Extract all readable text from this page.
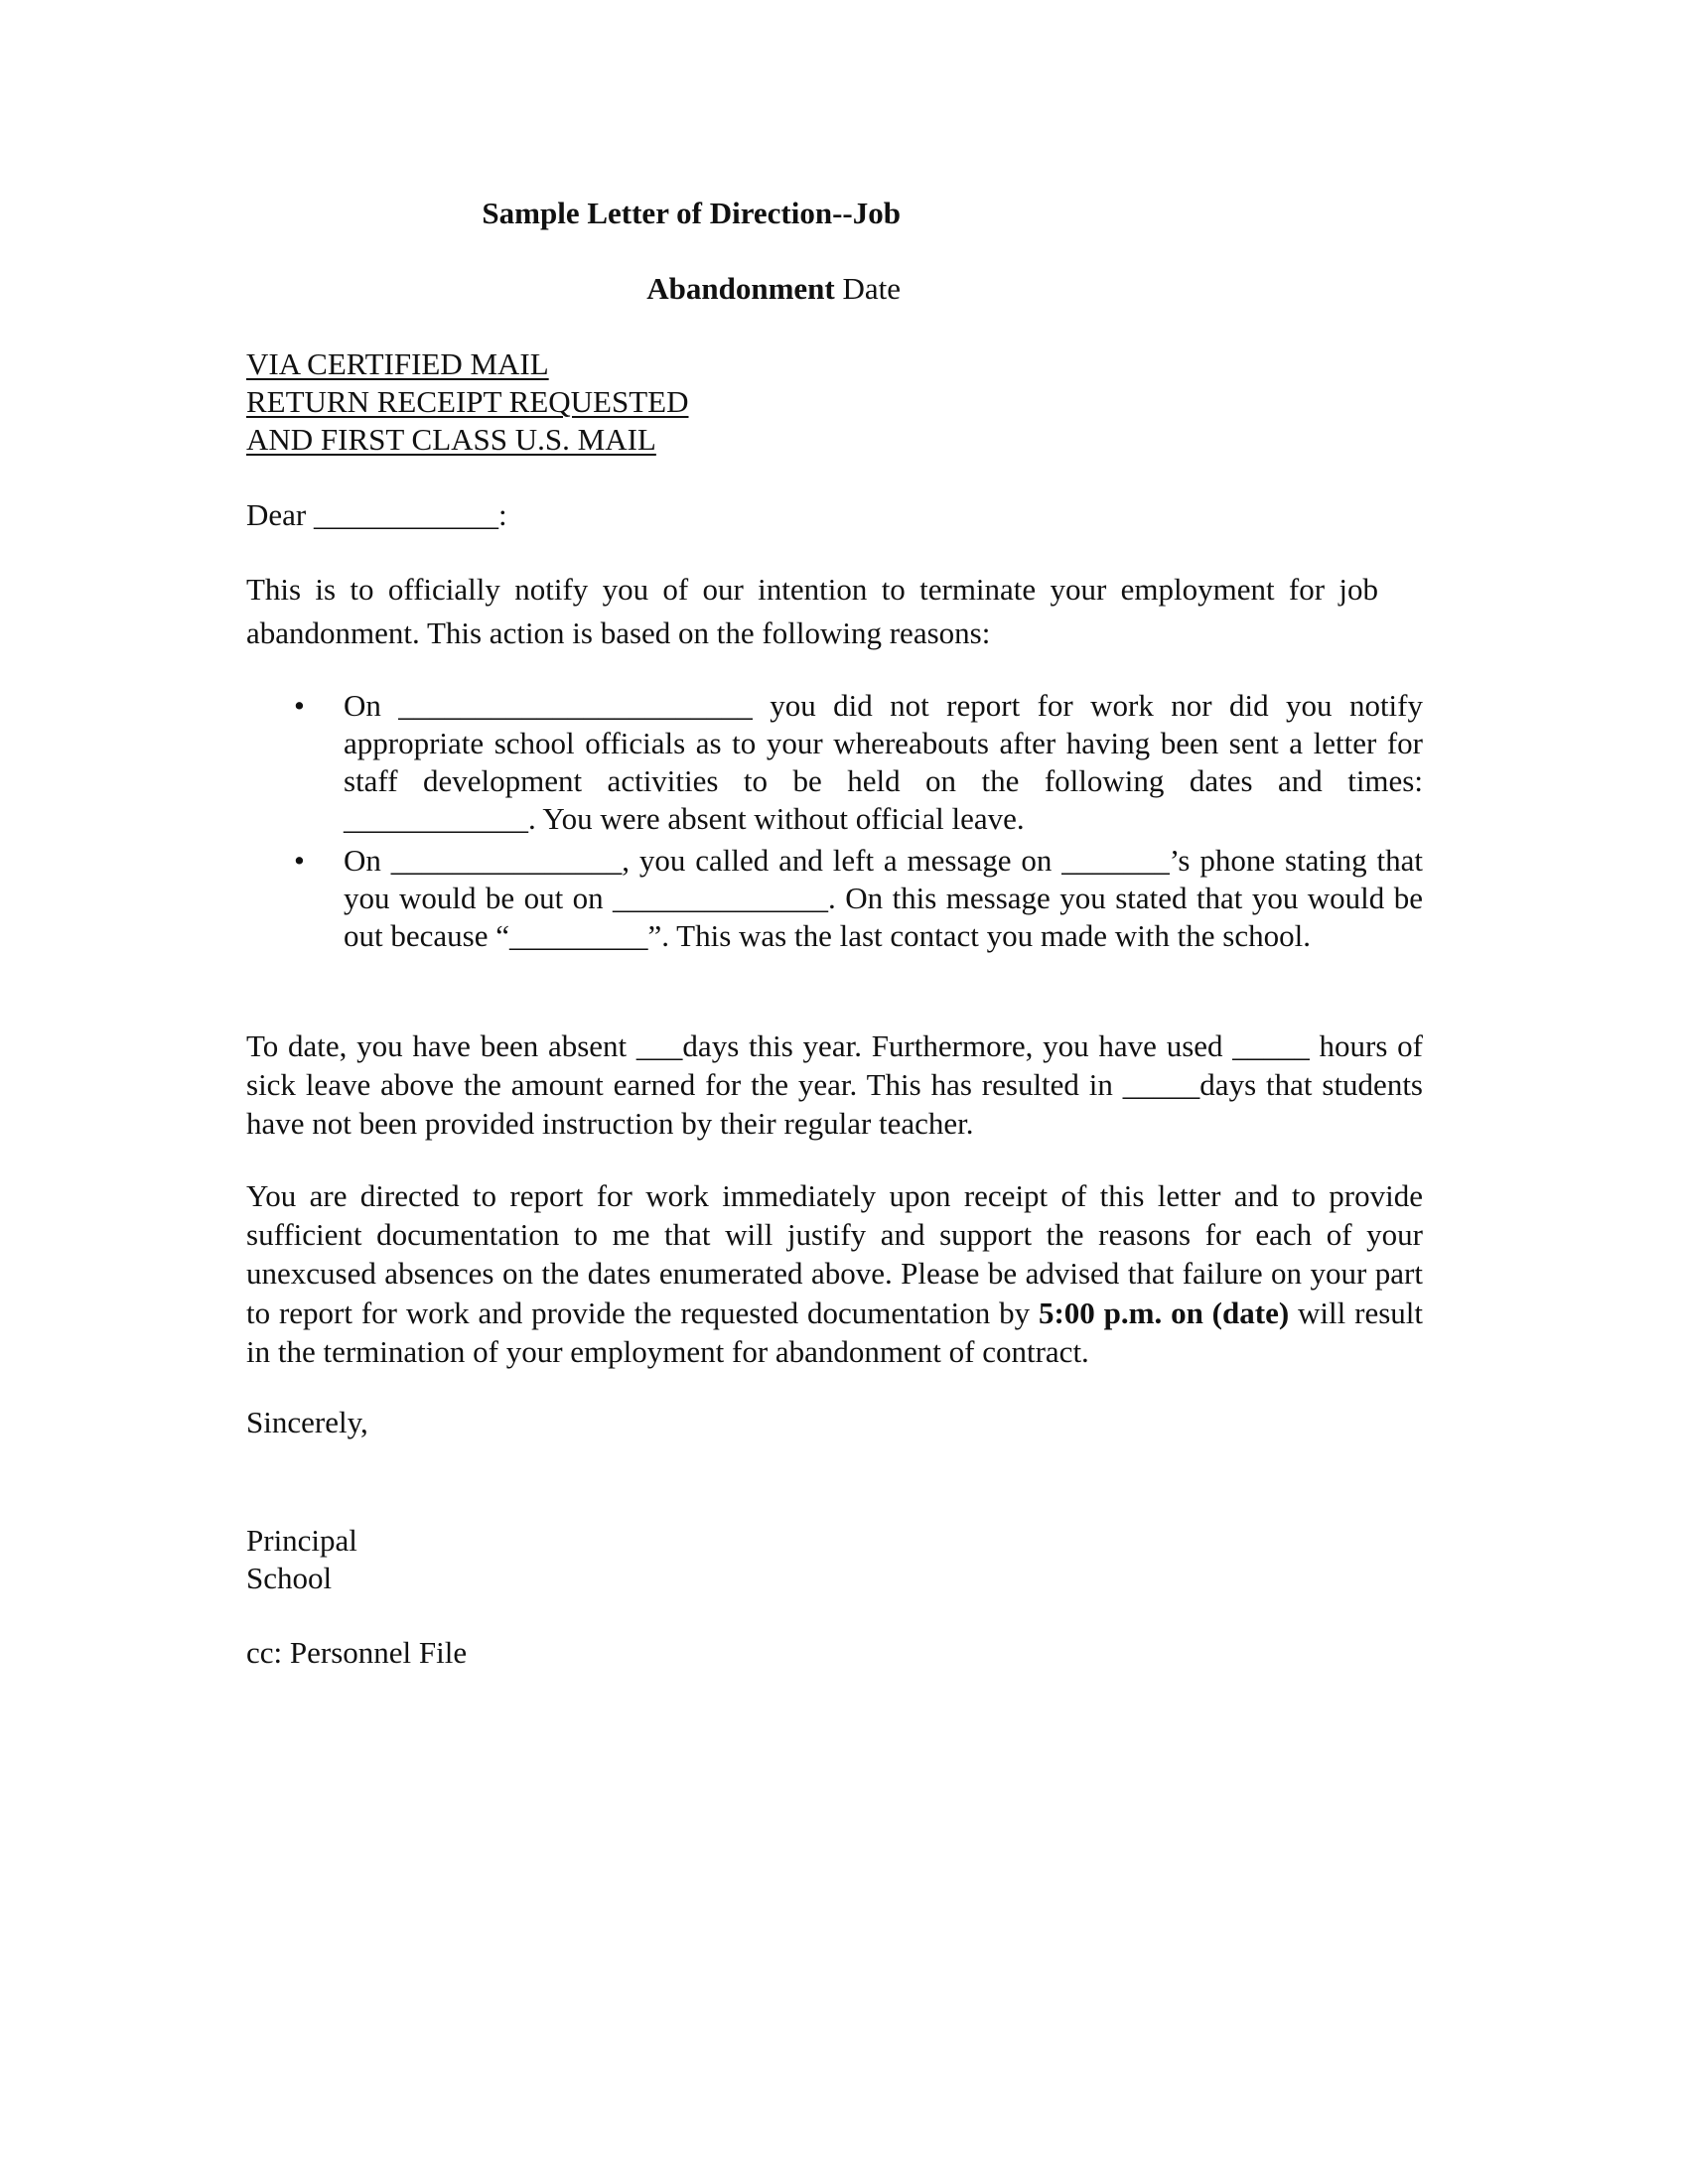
Sample Letter of Direction--Job
Abandonment Date
VIA CERTIFIED MAIL
RETURN RECEIPT REQUESTED
AND FIRST CLASS U.S. MAIL
Dear ____________:
This is to officially notify you of our intention to terminate your employment for job abandonment. This action is based on the following reasons:
• On _______________________ you did not report for work nor did you notify appropriate school officials as to your whereabouts after having been sent a letter for staff development activities to be held on the following dates and times: ____________. You were absent without official leave.
• On _______________, you called and left a message on _______’s phone stating that you would be out on ______________. On this message you stated that you would be out because “_________”. This was the last contact you made with the school.
To date, you have been absent ___days this year. Furthermore, you have used _____ hours of sick leave above the amount earned for the year. This has resulted in _____days that students have not been provided instruction by their regular teacher.
You are directed to report for work immediately upon receipt of this letter and to provide sufficient documentation to me that will justify and support the reasons for each of your unexcused absences on the dates enumerated above. Please be advised that failure on your part to report for work and provide the requested documentation by 5:00 p.m. on (date) will result in the termination of your employment for abandonment of contract.
Sincerely,
Principal
School
cc: Personnel File
